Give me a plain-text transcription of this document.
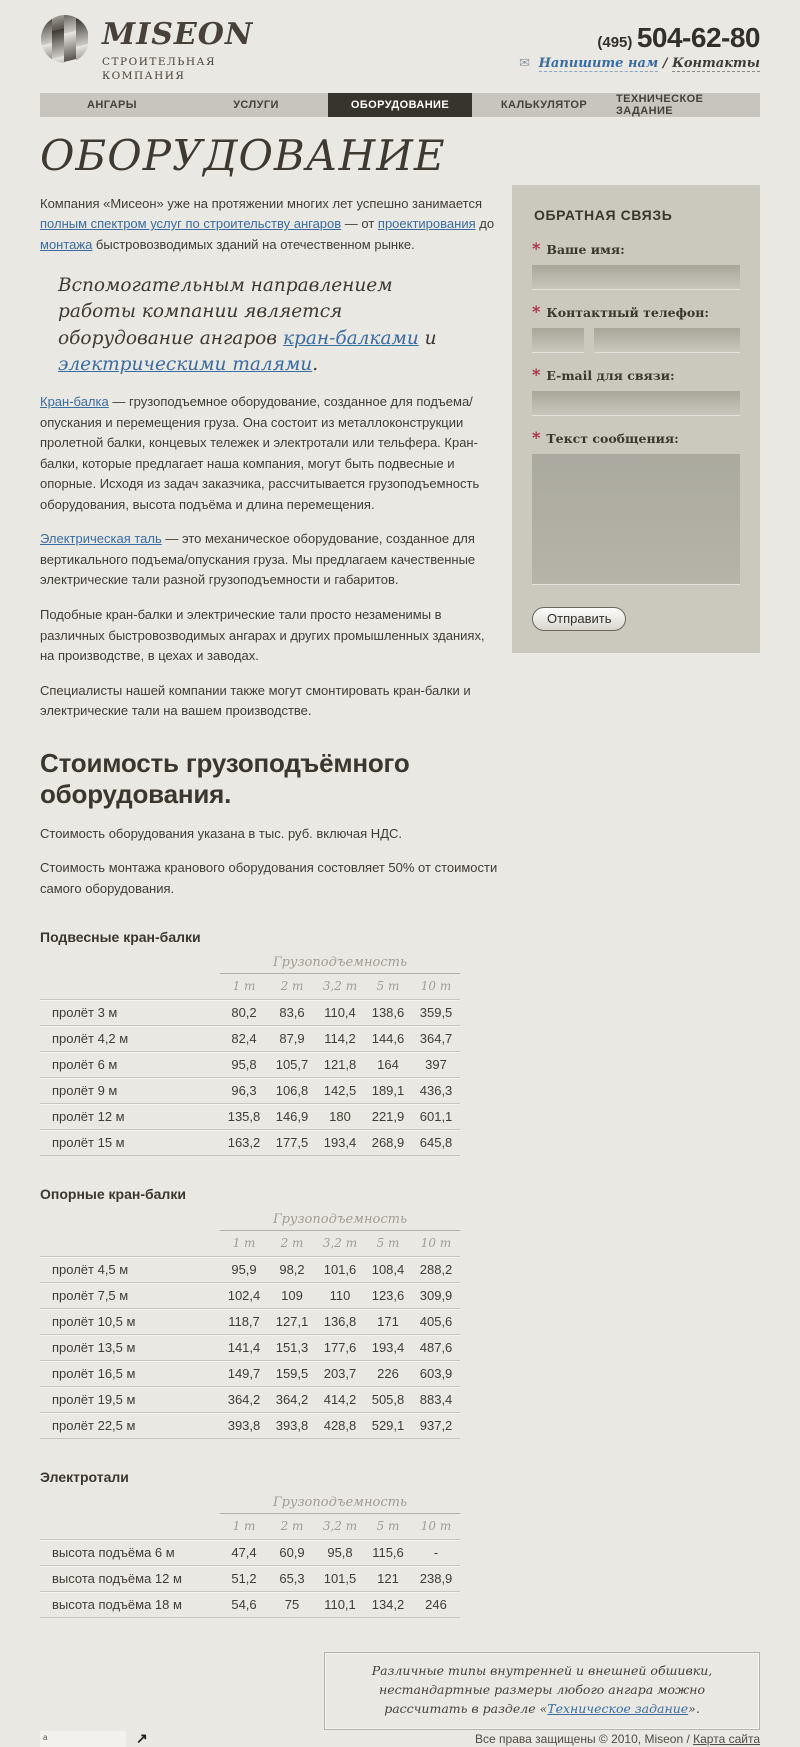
MISEON
СТРОИТЕЛЬНАЯ
КОМПАНИЯ
(495) 504-62-80
✉ Напишите нам / Контакты
АНГАРЫ	УСЛУГИ	ОБОРУДОВАНИЕ	КАЛЬКУЛЯТОР	ТЕХНИЧЕСКОЕ ЗАДАНИЕ
ОБОРУДОВАНИЕ

Компания «Мисеон» уже на протяжении многих лет успешно занимается полным спектром услуг по строительству ангаров — от проектирования до монтажа быстровозводимых зданий на отечественном рынке.

Вспомогательным направлением работы компании является оборудование ангаров кран-балками и электрическими талями.

Кран-балка — грузоподъемное оборудование, созданное для подъема/опускания и перемещения груза. Она состоит из металлоконструкции пролетной балки, концевых тележек и электротали или тельфера. Кран-балки, которые предлагает наша компания, могут быть подвесные и опорные. Исходя из задач заказчика, рассчитывается грузоподъемность оборудования, высота подъёма и длина перемещения.

Электрическая таль — это механическое оборудование, созданное для вертикального подъема/опускания груза. Мы предлагаем качественные электрические тали разной грузоподъемности и габаритов.

Подобные кран-балки и электрические тали просто незаменимы в различных быстровозводимых ангарах и других промышленных зданиях, на производстве, в цехах и заводах.

Специалисты нашей компании также могут смонтировать кран-балки и электрические тали на вашем производстве.

Стоимость грузоподъёмного оборудования.

Стоимость оборудования указана в тыс. руб. включая НДС.

Стоимость монтажа кранового оборудования состовляет 50% от стоимости самого оборудования.

Подвесные кран-балки
	Грузоподъемность				
	1 т	2 т	3,2 т	5 т	10 т
пролёт 3 м	80,2	83,6	110,4	138,6	359,5
пролёт 4,2 м	82,4	87,9	114,2	144,6	364,7
пролёт 6 м	95,8	105,7	121,8	164	397
пролёт 9 м	96,3	106,8	142,5	189,1	436,3
пролёт 12 м	135,8	146,9	180	221,9	601,1
пролёт 15 м	163,2	177,5	193,4	268,9	645,8
Опорные кран-балки
	Грузоподъемность				
	1 т	2 т	3,2 т	5 т	10 т
пролёт 4,5 м	95,9	98,2	101,6	108,4	288,2
пролёт 7,5 м	102,4	109	110	123,6	309,9
пролёт 10,5 м	118,7	127,1	136,8	171	405,6
пролёт 13,5 м	141,4	151,3	177,6	193,4	487,6
пролёт 16,5 м	149,7	159,5	203,7	226	603,9
пролёт 19,5 м	364,2	364,2	414,2	505,8	883,4
пролёт 22,5 м	393,8	393,8	428,8	529,1	937,2
Электротали
	Грузоподъемность				
	1 т	2 т	3,2 т	5 т	10 т
высота подъёма 6 м	47,4	60,9	95,8	115,6	-
высота подъёма 12 м	51,2	65,3	101,5	121	238,9
высота подъёма 18 м	54,6	75	110,1	134,2	246
ОБРАТНАЯ СВЯЗЬ
* Ваше имя:
* Контактный телефон:
* E-mail для связи:
* Текст сообщения:
Отправить
Различные типы внутренней и внешней обшивки, нестандартные размеры любого ангара можно рассчитать в разделе «Техническое задание».
a	↗	Все права защищены © 2010, Miseon / Карта сайта
